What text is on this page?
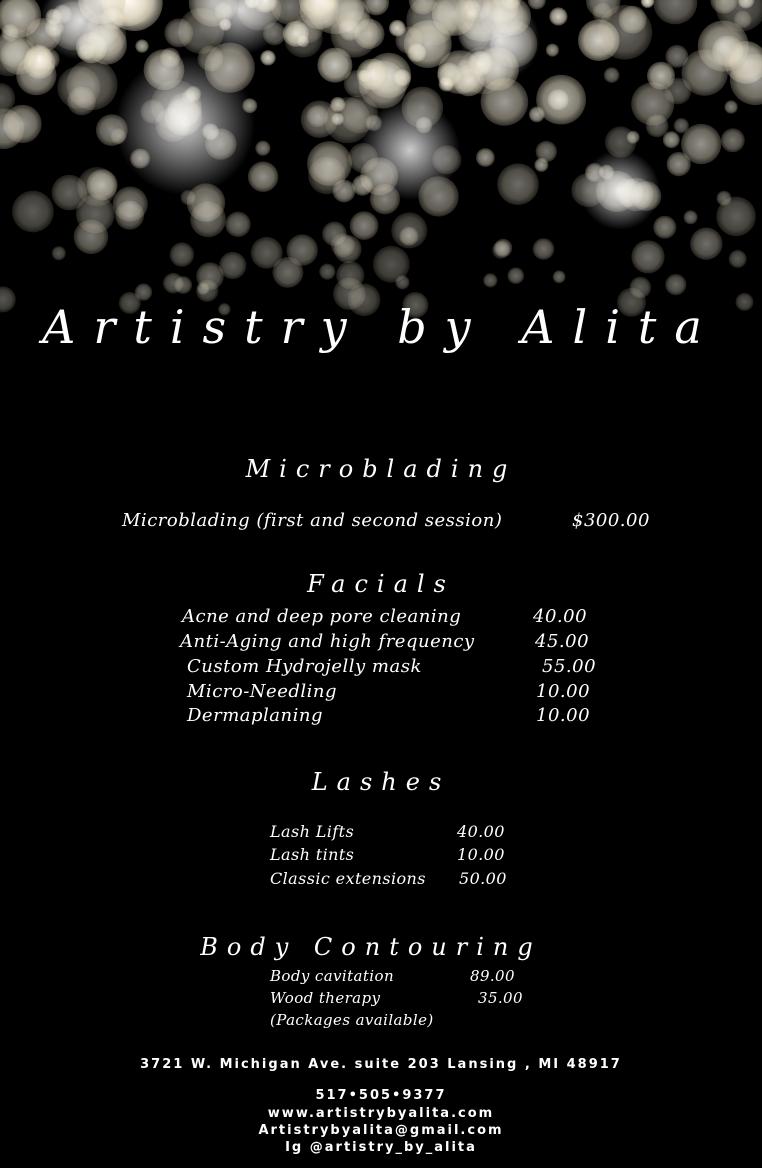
Artistry by Alita
Microblading
Microblading (first and second session)	$300.00
Facials
Acne and deep pore cleaning	40.00
Anti-Aging and high frequency	45.00
Custom Hydrojelly mask	55.00
Micro-Needling	10.00
Dermaplaning	10.00
Lashes
Lash Lifts	40.00
Lash tints	10.00
Classic extensions 50.00
Body Contouring
Body cavitation	89.00
Wood therapy	35.00
(Packages available)
3721 W. Michigan Ave. suite 203 Lansing , MI 48917
517•505•9377
www.artistrybyalita.com
Artistrybyalita@gmail.com
Ig @artistry_by_alita
